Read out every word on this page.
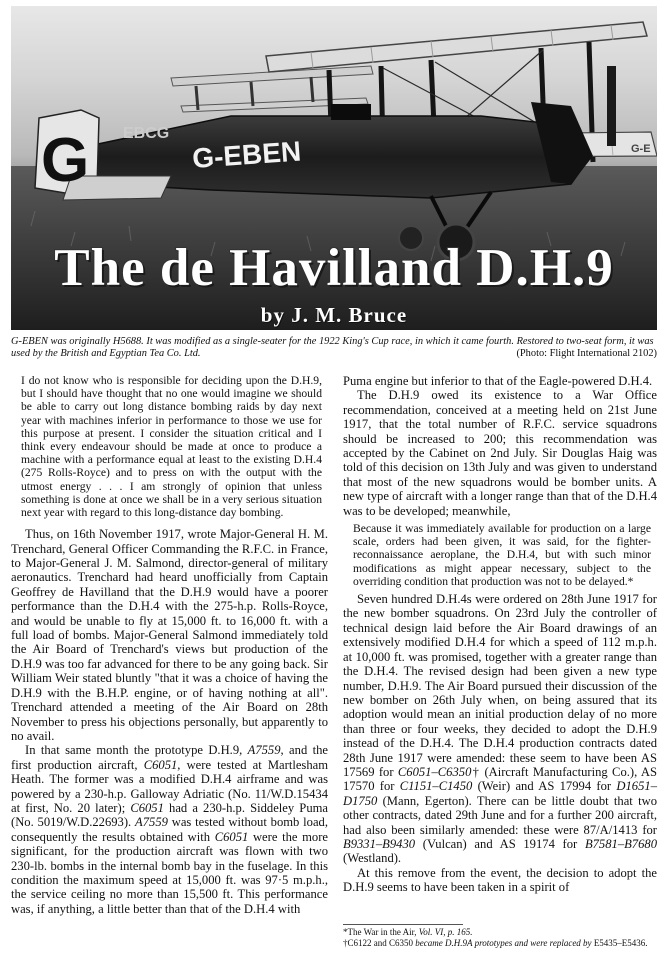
G	G-EBEN
EBCG
G-E
The de Havilland D.H.9
by J. M. Bruce
G-EBEN was originally H5688. It was modified as a single-seater for the 1922 King's Cup race, in which it came fourth. Restored to two-seat form, it was used by the British and Egyptian Tea Co. Ltd.	(Photo: Flight International 2102)

I do not know who is responsible for deciding upon the D.H.9, but I should have thought that no one would imagine we should be able to carry out long distance bombing raids by day next year with machines inferior in performance to those we use for this purpose at present. I consider the situation critical and I think every endeavour should be made at once to produce a machine with a performance equal at least to the existing D.H.4 (275 Rolls-Royce) and to press on with the output with the utmost energy . . . I am strongly of opinion that unless something is done at once we shall be in a very serious situation next year with regard to this long-distance day bombing.

Thus, on 16th November 1917, wrote Major-General H. M. Trenchard, General Officer Commanding the R.F.C. in France, to Major-General J. M. Salmond, director-general of military aeronautics. Trenchard had heard unofficially from Captain Geoffrey de Havilland that the D.H.9 would have a poorer performance than the D.H.4 with the 275-h.p. Rolls-Royce, and would be unable to fly at 15,000 ft. to 16,000 ft. with a full load of bombs. Major-General Salmond immediately told the Air Board of Trenchard's views but production of the D.H.9 was too far advanced for there to be any going back. Sir William Weir stated bluntly "that it was a choice of having the D.H.9 with the B.H.P. engine, or of having nothing at all". Trenchard attended a meeting of the Air Board on 28th November to press his objections personally, but apparently to no avail.

In that same month the prototype D.H.9, A7559, and the first production aircraft, C6051, were tested at Martlesham Heath. The former was a modified D.H.4 airframe and was powered by a 230-h.p. Galloway Adriatic (No. 11/W.D.15434 at first, No. 20 later); C6051 had a 230-h.p. Siddeley Puma (No. 5019/W.D.22693). A7559 was tested without bomb load, consequently the results obtained with C6051 were the more significant, for the production aircraft was flown with two 230-lb. bombs in the internal bomb bay in the fuselage. In this condition the maximum speed at 15,000 ft. was 97·5 m.p.h., the service ceiling no more than 15,500 ft. This performance was, if anything, a little better than that of the D.H.4 with

Puma engine but inferior to that of the Eagle-powered D.H.4.

The D.H.9 owed its existence to a War Office recommendation, conceived at a meeting held on 21st June 1917, that the total number of R.F.C. service squadrons should be increased to 200; this recommendation was accepted by the Cabinet on 2nd July. Sir Douglas Haig was told of this decision on 13th July and was given to understand that most of the new squadrons would be bomber units. A new type of aircraft with a longer range than that of the D.H.4 was to be developed; meanwhile,

Because it was immediately available for production on a large scale, orders had been given, it was said, for the fighter-reconnaissance aeroplane, the D.H.4, but with such minor modifications as might appear necessary, subject to the overriding condition that production was not to be delayed.*

Seven hundred D.H.4s were ordered on 28th June 1917 for the new bomber squadrons. On 23rd July the controller of technical design laid before the Air Board drawings of an extensively modified D.H.4 for which a speed of 112 m.p.h. at 10,000 ft. was promised, together with a greater range than the D.H.4. The revised design had been given a new type number, D.H.9. The Air Board pursued their discussion of the new bomber on 26th July when, on being assured that its adoption would mean an initial production delay of no more than three or four weeks, they decided to adopt the D.H.9 instead of the D.H.4. The D.H.4 production contracts dated 28th June 1917 were amended: these seem to have been AS 17569 for C6051–C6350† (Aircraft Manufacturing Co.), AS 17570 for C1151–C1450 (Weir) and AS 17994 for D1651–D1750 (Mann, Egerton). There can be little doubt that two other contracts, dated 29th June and for a further 200 aircraft, had also been similarly amended: these were 87/A/1413 for B9331–B9430 (Vulcan) and AS 19174 for B7581–B7680 (Westland).

At this remove from the event, the decision to adopt the D.H.9 seems to have been taken in a spirit of

*The War in the Air, Vol. VI, p. 165.
†C6122 and C6350 became D.H.9A prototypes and were replaced by E5435–E5436.
